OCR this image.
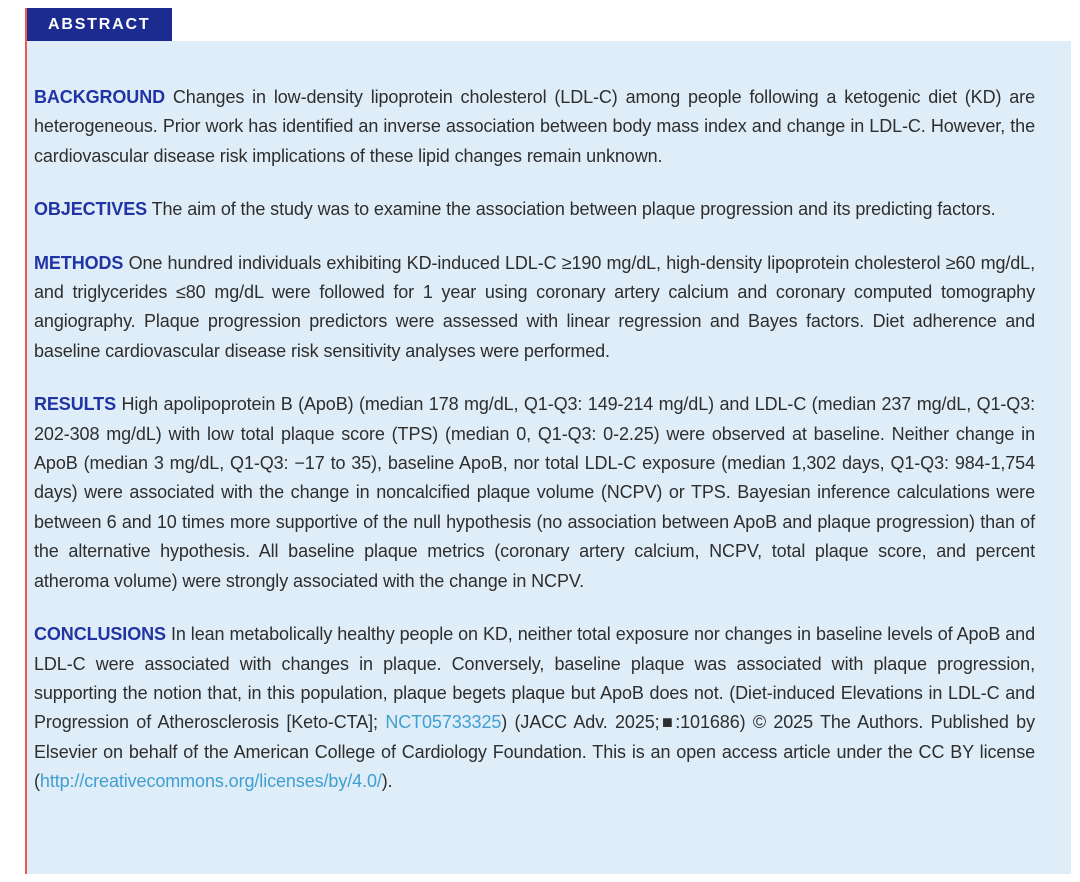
ABSTRACT

BACKGROUND Changes in low-density lipoprotein cholesterol (LDL-C) among people following a ketogenic diet (KD) are heterogeneous. Prior work has identified an inverse association between body mass index and change in LDL-C. However, the cardiovascular disease risk implications of these lipid changes remain unknown.

OBJECTIVES The aim of the study was to examine the association between plaque progression and its predicting factors.

METHODS One hundred individuals exhibiting KD-induced LDL-C ≥190 mg/dL, high-density lipoprotein cholesterol ≥60 mg/dL, and triglycerides ≤80 mg/dL were followed for 1 year using coronary artery calcium and coronary computed tomography angiography. Plaque progression predictors were assessed with linear regression and Bayes factors. Diet adherence and baseline cardiovascular disease risk sensitivity analyses were performed.

RESULTS High apolipoprotein B (ApoB) (median 178 mg/dL, Q1-Q3: 149-214 mg/dL) and LDL-C (median 237 mg/dL, Q1-Q3: 202-308 mg/dL) with low total plaque score (TPS) (median 0, Q1-Q3: 0-2.25) were observed at baseline. Neither change in ApoB (median 3 mg/dL, Q1-Q3: −17 to 35), baseline ApoB, nor total LDL-C exposure (median 1,302 days, Q1-Q3: 984-1,754 days) were associated with the change in noncalcified plaque volume (NCPV) or TPS. Bayesian inference calculations were between 6 and 10 times more supportive of the null hypothesis (no association between ApoB and plaque progression) than of the alternative hypothesis. All baseline plaque metrics (coronary artery calcium, NCPV, total plaque score, and percent atheroma volume) were strongly associated with the change in NCPV.

CONCLUSIONS In lean metabolically healthy people on KD, neither total exposure nor changes in baseline levels of ApoB and LDL-C were associated with changes in plaque. Conversely, baseline plaque was associated with plaque progression, supporting the notion that, in this population, plaque begets plaque but ApoB does not. (Diet-induced Elevations in LDL-C and Progression of Atherosclerosis [Keto-CTA]; NCT05733325) (JACC Adv. 2025;■:101686) © 2025 The Authors. Published by Elsevier on behalf of the American College of Cardiology Foundation. This is an open access article under the CC BY license (http://creativecommons.org/licenses/by/4.0/).
